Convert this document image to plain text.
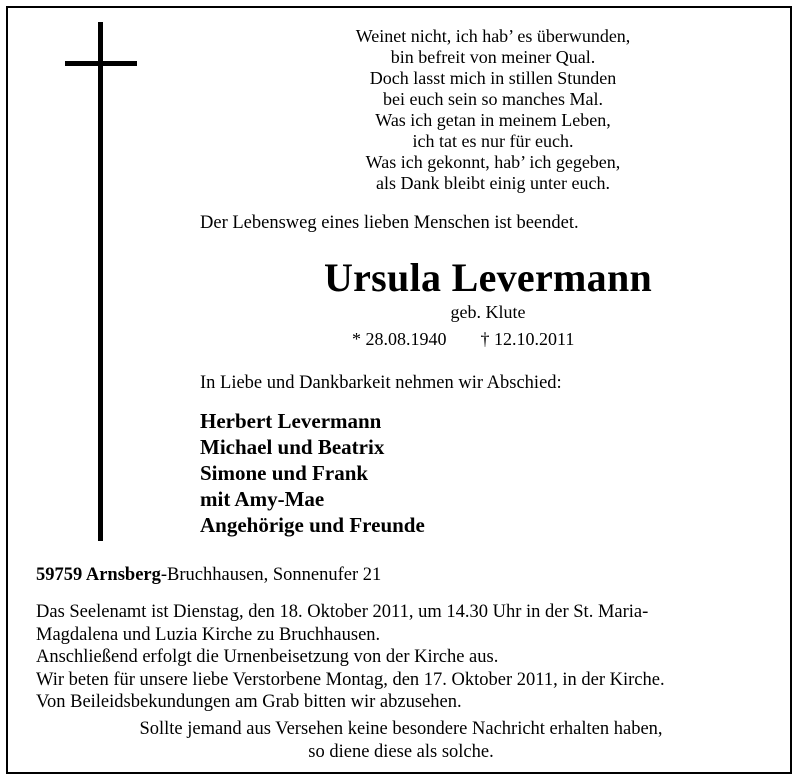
Weinet nicht, ich hab’ es überwunden,
bin befreit von meiner Qual.
Doch lasst mich in stillen Stunden
bei euch sein so manches Mal.
Was ich getan in meinem Leben,
ich tat es nur für euch.
Was ich gekonnt, hab’ ich gegeben,
als Dank bleibt einig unter euch.
Der Lebensweg eines lieben Menschen ist beendet.
Ursula Levermann
geb. Klute
* 28.08.1940 † 12.10.2011
In Liebe und Dankbarkeit nehmen wir Abschied:
Herbert Levermann
Michael und Beatrix
Simone und Frank
mit Amy-Mae
Angehörige und Freunde
59759 Arnsberg-Bruchhausen, Sonnenufer 21
Das Seelenamt ist Dienstag, den 18. Oktober 2011, um 14.30 Uhr in der St. Maria-
Magdalena und Luzia Kirche zu Bruchhausen.
Anschließend erfolgt die Urnenbeisetzung von der Kirche aus.
Wir beten für unsere liebe Verstorbene Montag, den 17. Oktober 2011, in der Kirche.
Von Beileidsbekundungen am Grab bitten wir abzusehen.
Sollte jemand aus Versehen keine besondere Nachricht erhalten haben,
so diene diese als solche.
